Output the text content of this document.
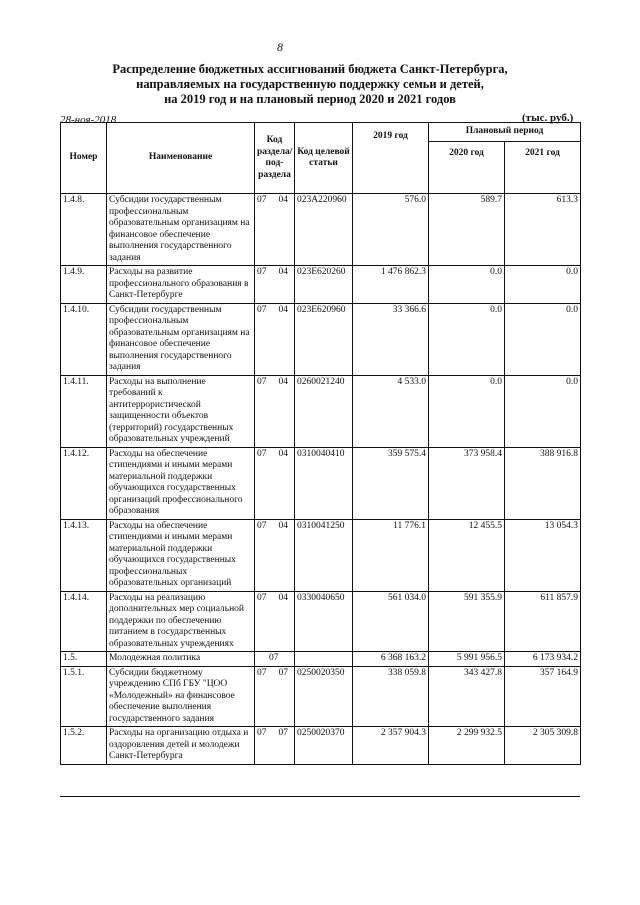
8
Распределение бюджетных ассигнований бюджета Санкт-Петербурга,
направляемых на государственную поддержку семьи и детей,
на 2019 год и на плановый период 2020 и 2021 годов
28-ноя-2018	(тыс. руб.)
Номер	Наименование	Код раздела/ под- раздела	Код целевой статьи	2019 год	Плановый период	
					2020 год	2021 год
1.4.8.	Субсидии государственным профессиональным образовательным организациям на финансовое обеспечение выполнения государственного задания	07 04	023А220960	576.0	589.7	613.3
1.4.9.	Расходы на развитие профессионального образования в Санкт-Петербурге	07 04	023Е620260	1 476 862.3	0.0	0.0
1.4.10.	Субсидии государственным профессиональным образовательным организациям на финансовое обеспечение выполнения государственного задания	07 04	023Е620960	33 366.6	0.0	0.0
1.4.11.	Расходы на выполнение требований к антитеррористической защищенности объектов (территорий) государственных образовательных учреждений	07 04	0260021240	4 533.0	0.0	0.0
1.4.12.	Расходы на обеспечение стипендиями и иными мерами материальной поддержки обучающихся государственных организаций профессионального образования	07 04	0310040410	359 575.4	373 958.4	388 916.8
1.4.13.	Расходы на обеспечение стипендиями и иными мерами материальной поддержки обучающихся государственных профессиональных образовательных организаций	07 04	0310041250	11 776.1	12 455.5	13 054.3
1.4.14.	Расходы на реализацию дополнительных мер социальной поддержки по обеспечению питанием в государственных образовательных учреждениях	07 04	0330040650	561 034.0	591 355.9	611 857.9
1.5.	Молодежная политика	07		6 368 163.2	5 991 956.5	6 173 934.2
1.5.1.	Субсидии бюджетному учреждению СПб ГБУ "ЦОО «Молодежный» на финансовое обеспечение выполнения государственного задания	07 07	0250020350	338 059.8	343 427.8	357 164.9
1.5.2.	Расходы на организацию отдыха и оздоровления детей и молодежи Санкт-Петербурга	07 07	0250020370	2 357 904.3	2 299 932.5	2 305 309.8
